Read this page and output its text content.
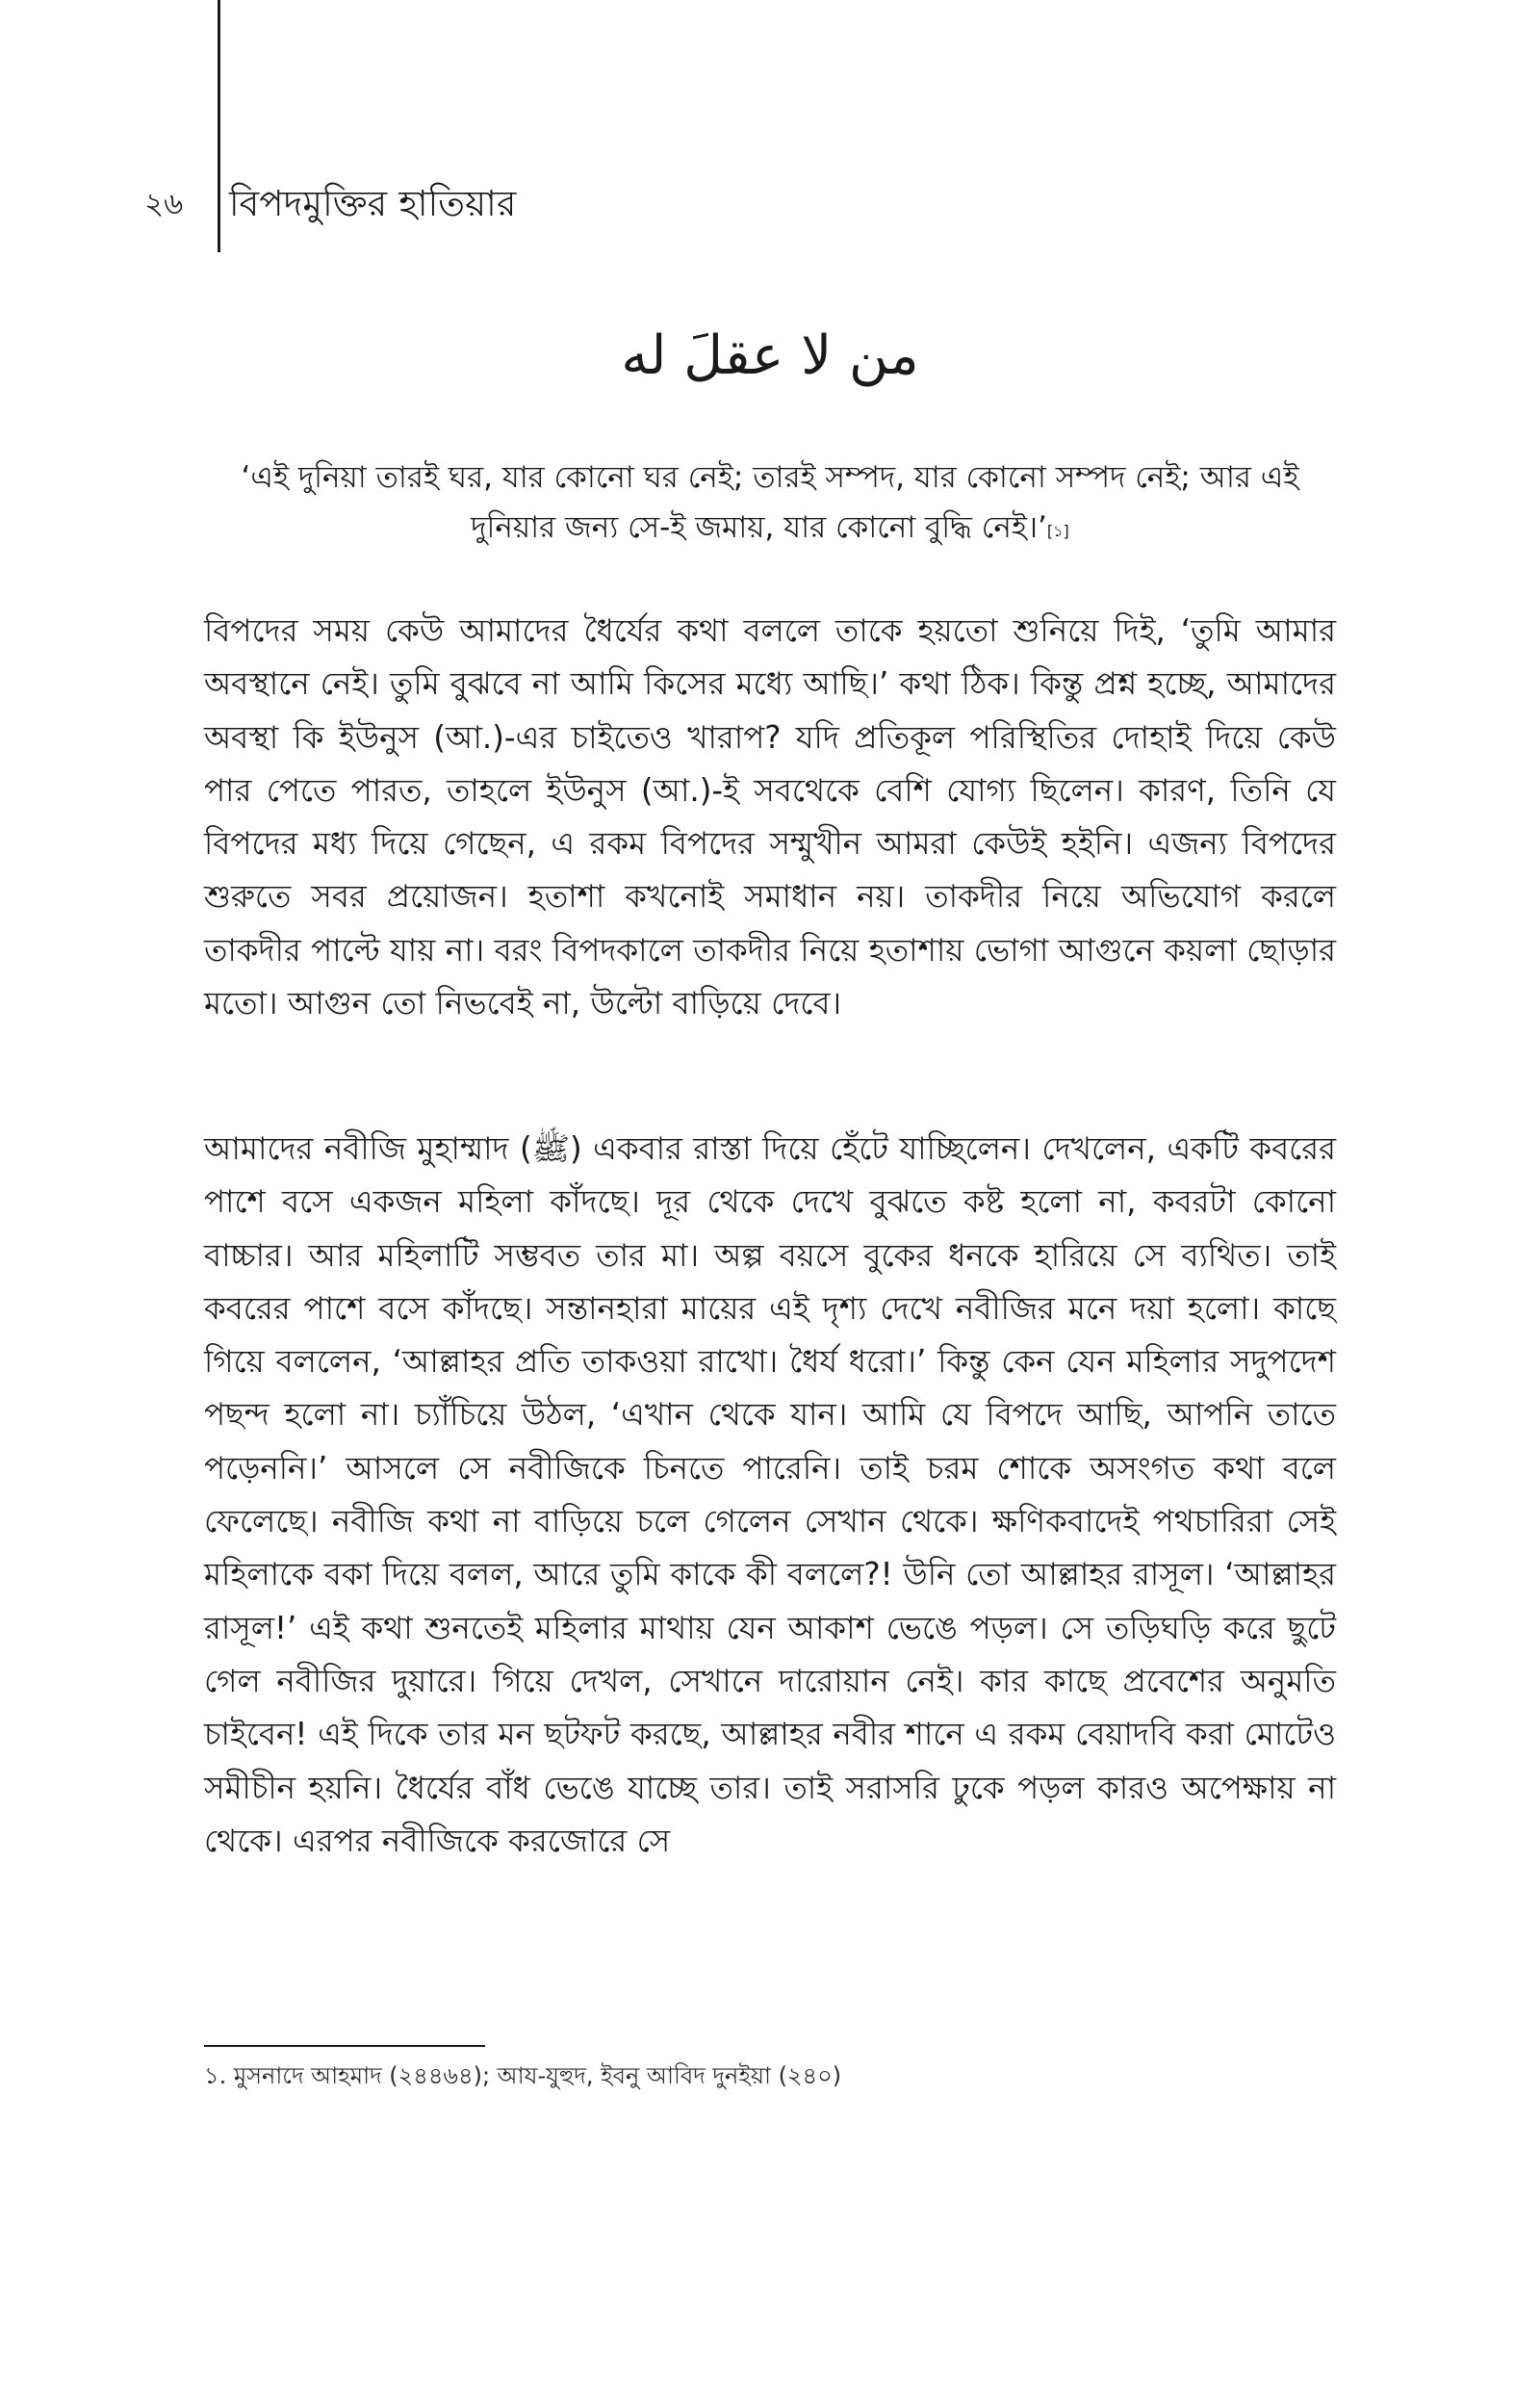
২৬	বিপদমুক্তির হাতিয়ার
من لا عقلَ له
‘এই দুনিয়া তারই ঘর, যার কোনো ঘর নেই; তারই সম্পদ, যার কোনো সম্পদ নেই; আর এই দুনিয়ার জন্য সে-ই জমায়, যার কোনো বুদ্ধি নেই।’[১]

বিপদের সময় কেউ আমাদের ধৈর্যের কথা বললে তাকে হয়তো শুনিয়ে দিই, ‘তুমি আমার অবস্থানে নেই। তুমি বুঝবে না আমি কিসের মধ্যে আছি।’ কথা ঠিক। কিন্তু প্রশ্ন হচ্ছে, আমাদের অবস্থা কি ইউনুস (আ.)-এর চাইতেও খারাপ? যদি প্রতিকূল পরিস্থিতির দোহাই দিয়ে কেউ পার পেতে পারত, তাহলে ইউনুস (আ.)-ই সবথেকে বেশি যোগ্য ছিলেন। কারণ, তিনি যে বিপদের মধ্য দিয়ে গেছেন, এ রকম বিপদের সম্মুখীন আমরা কেউই হইনি। এজন্য বিপদের শুরুতে সবর প্রয়োজন। হতাশা কখনোই সমাধান নয়। তাকদীর নিয়ে অভিযোগ করলে তাকদীর পাল্টে যায় না। বরং বিপদকালে তাকদীর নিয়ে হতাশায় ভোগা আগুনে কয়লা ছোড়ার মতো। আগুন তো নিভবেই না, উল্টো বাড়িয়ে দেবে।

আমাদের নবীজি মুহাম্মাদ (ﷺ) একবার রাস্তা দিয়ে হেঁটে যাচ্ছিলেন। দেখলেন, একটি কবরের পাশে বসে একজন মহিলা কাঁদছে। দূর থেকে দেখে বুঝতে কষ্ট হলো না, কবরটা কোনো বাচ্চার। আর মহিলাটি সম্ভবত তার মা। অল্প বয়সে বুকের ধনকে হারিয়ে সে ব্যথিত। তাই কবরের পাশে বসে কাঁদছে। সন্তানহারা মায়ের এই দৃশ্য দেখে নবীজির মনে দয়া হলো। কাছে গিয়ে বললেন, ‘আল্লাহর প্রতি তাকওয়া রাখো। ধৈর্য ধরো।’ কিন্তু কেন যেন মহিলার সদুপদেশ পছন্দ হলো না। চ্যাঁচিয়ে উঠল, ‘এখান থেকে যান। আমি যে বিপদে আছি, আপনি তাতে পড়েননি।’ আসলে সে নবীজিকে চিনতে পারেনি। তাই চরম শোকে অসংগত কথা বলে ফেলেছে। নবীজি কথা না বাড়িয়ে চলে গেলেন সেখান থেকে। ক্ষণিকবাদেই পথচারিরা সেই মহিলাকে বকা দিয়ে বলল, আরে তুমি কাকে কী বললে?! উনি তো আল্লাহর রাসূল। ‘আল্লাহর রাসূল!’ এই কথা শুনতেই মহিলার মাথায় যেন আকাশ ভেঙে পড়ল। সে তড়িঘড়ি করে ছুটে গেল নবীজির দুয়ারে। গিয়ে দেখল, সেখানে দারোয়ান নেই। কার কাছে প্রবেশের অনুমতি চাইবেন! এই দিকে তার মন ছটফট করছে, আল্লাহর নবীর শানে এ রকম বেয়াদবি করা মোটেও সমীচীন হয়নি। ধৈর্যের বাঁধ ভেঙে যাচ্ছে তার। তাই সরাসরি ঢুকে পড়ল কারও অপেক্ষায় না থেকে। এরপর নবীজিকে করজোরে সে

১. মুসনাদে আহমাদ (২৪৪৬৪); আয-যুহুদ, ইবনু আবিদ দুনইয়া (২৪০)
